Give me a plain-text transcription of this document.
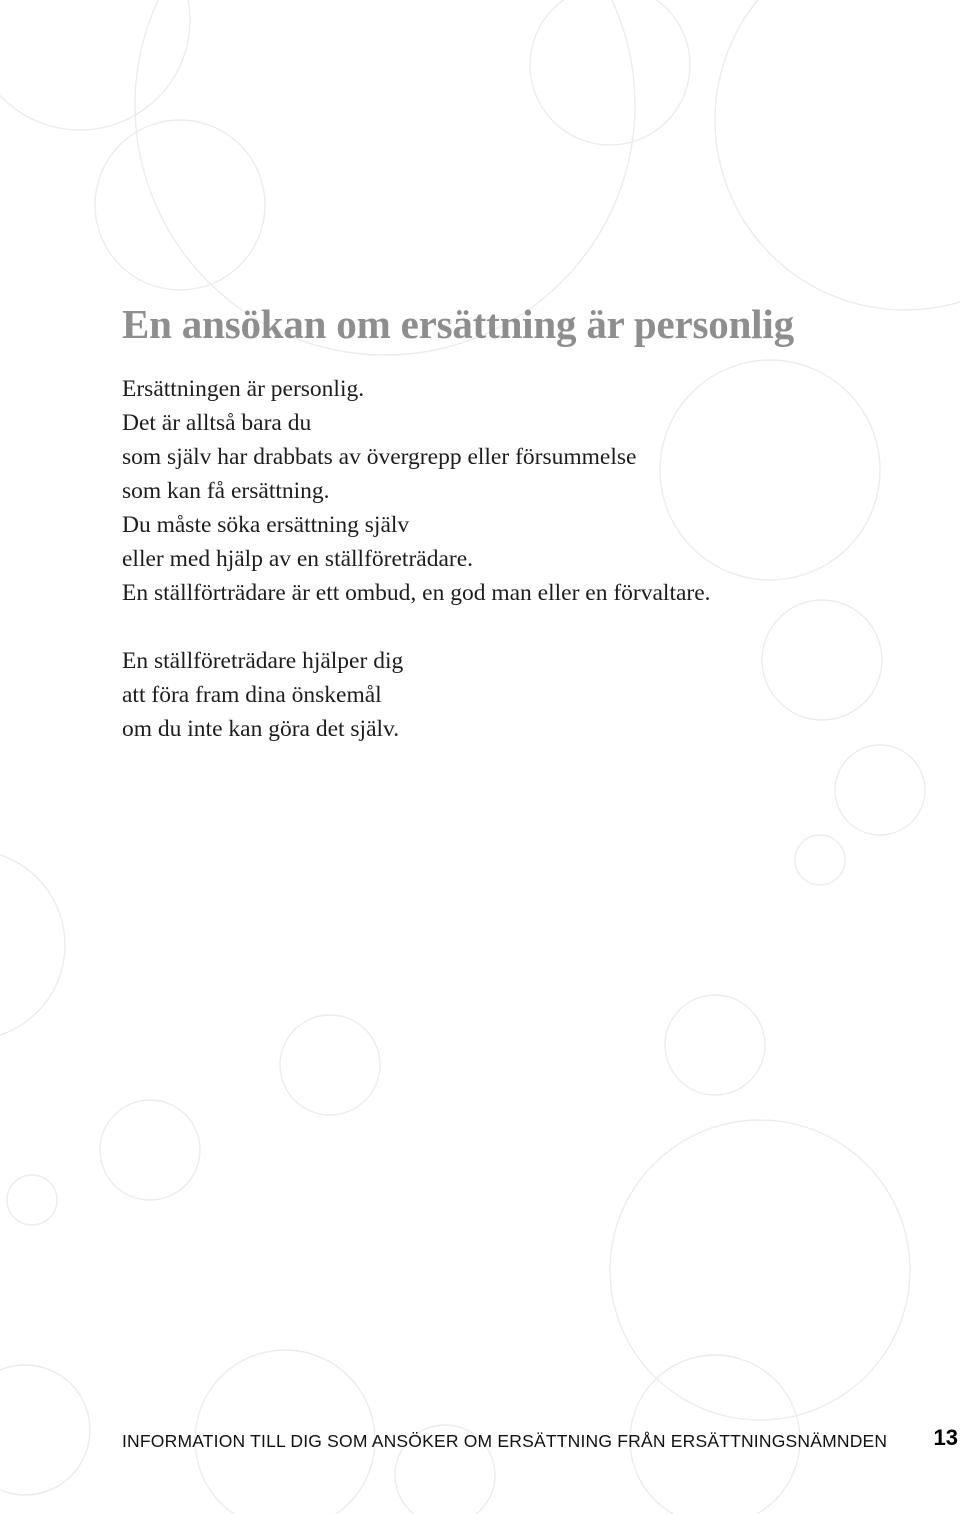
En ansökan om ersättning är personlig
Ersättningen är personlig.
Det är alltså bara du
som själv har drabbats av övergrepp eller försummelse
som kan få ersättning.
Du måste söka ersättning själv
eller med hjälp av en ställföreträdare.
En ställförträdare är ett ombud, en god man eller en förvaltare.
En ställföreträdare hjälper dig
att föra fram dina önskemål
om du inte kan göra det själv.
INFORMATION TILL DIG SOM ANSÖKER OM ERSÄTTNING FRÅN ERSÄTTNINGSNÄMNDEN 13
